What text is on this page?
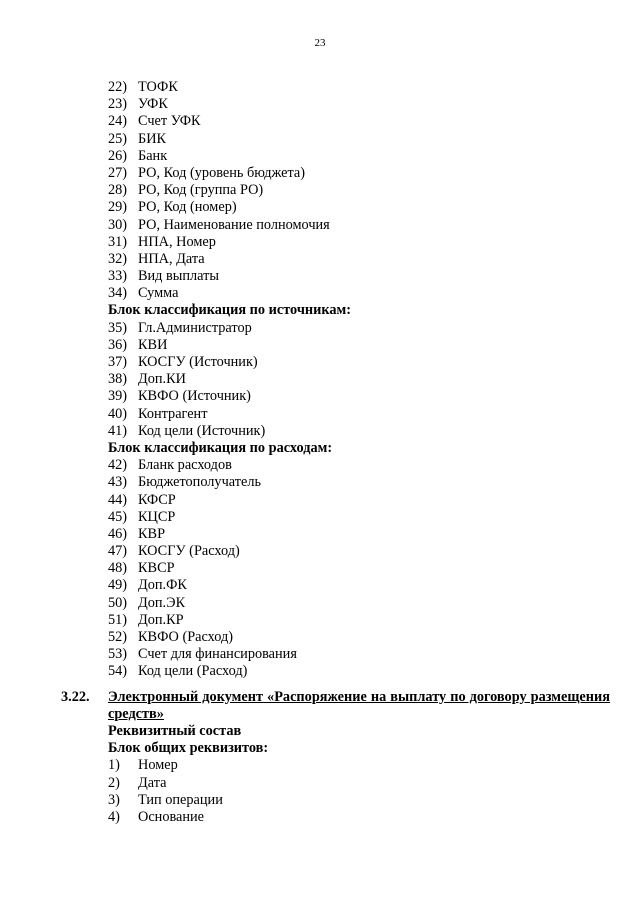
23
22) ТОФК
23) УФК
24) Счет УФК
25) БИК
26) Банк
27) РО, Код (уровень бюджета)
28) РО, Код (группа РО)
29) РО, Код (номер)
30) РО, Наименование полномочия
31) НПА, Номер
32) НПА, Дата
33) Вид выплаты
34) Сумма
Блок классификация по источникам:
35) Гл.Администратор
36) КВИ
37) КОСГУ (Источник)
38) Доп.КИ
39) КВФО (Источник)
40) Контрагент
41) Код цели (Источник)
Блок классификация по расходам:
42) Бланк расходов
43) Бюджетополучатель
44) КФСР
45) КЦСР
46) КВР
47) КОСГУ (Расход)
48) КВСР
49) Доп.ФК
50) Доп.ЭК
51) Доп.КР
52) КВФО (Расход)
53) Счет для финансирования
54) Код цели (Расход)
3.22. Электронный документ «Распоряжение на выплату по договору размещения средств»
Реквизитный состав
Блок общих реквизитов:
1) Номер
2) Дата
3) Тип операции
4) Основание
